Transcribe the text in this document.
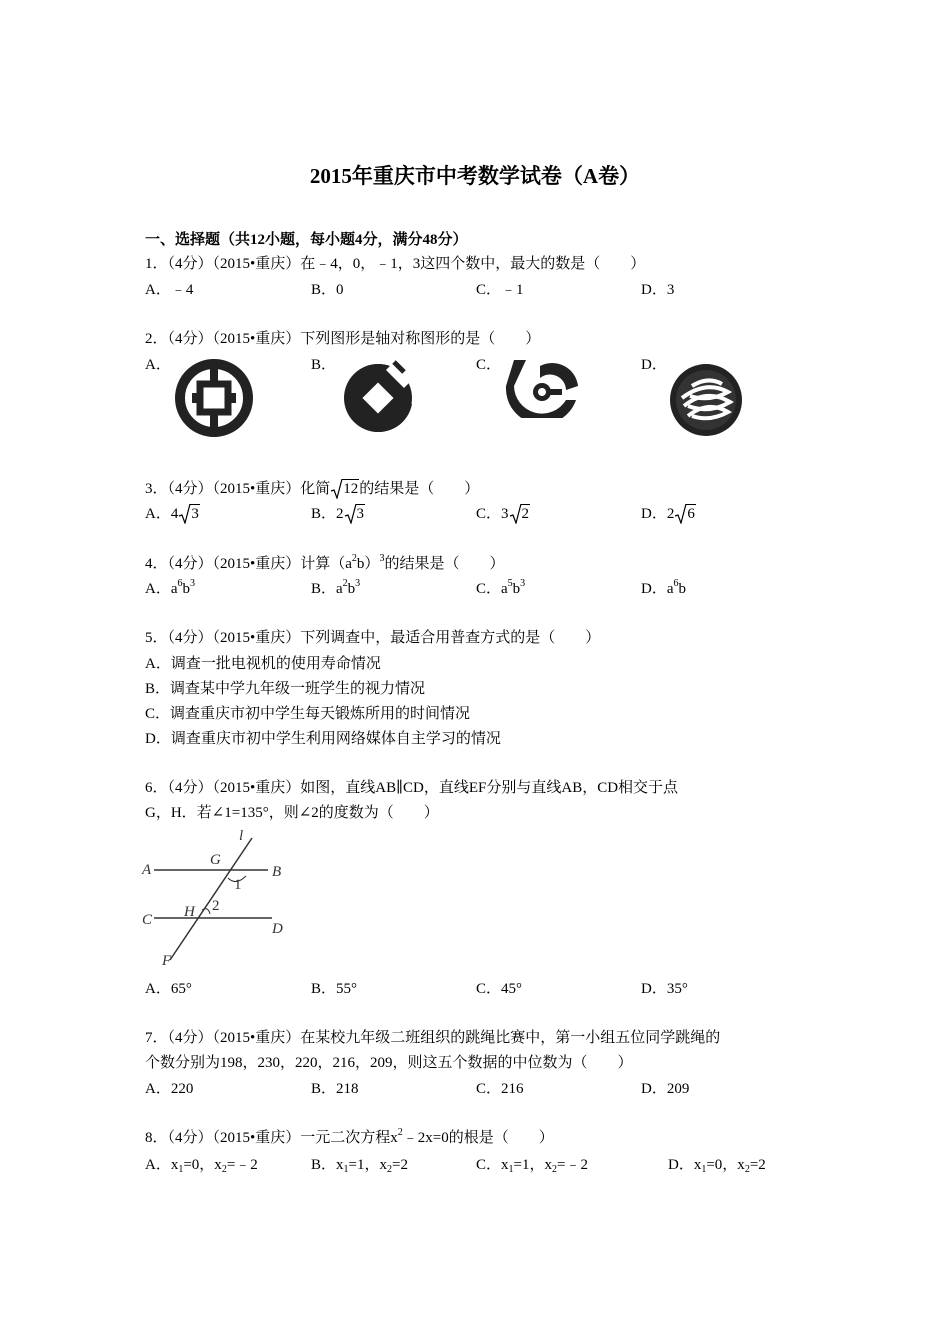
2015年重庆市中考数学试卷（A卷）
一、选择题（共12小题，每小题4分，满分48分）
1．（4分）（2015•重庆）在﹣4，0，﹣1，3这四个数中，最大的数是（　　）
A．﹣4	B．0	C．﹣1	D．3
2．（4分）（2015•重庆）下列图形是轴对称图形的是（　　）
A．	B．	C．	D．
3．（4分）（2015•重庆）化简 12的结果是（　　）
A．4 3	B．2 3	C．3 2	D．2 6
4．（4分）（2015•重庆）计算$(a^2b)^3$的结果是（　　）
A．$a^6b^3$	B．$a^2b^3$	C．$a^5b^3$	D．$a^6b$
5．（4分）（2015•重庆）下列调查中，最适合用普查方式的是（　　）
A．调查一批电视机的使用寿命情况
B．调查某中学九年级一班学生的视力情况
C．调查重庆市初中学生每天锻炼所用的时间情况
D．调查重庆市初中学生利用网络媒体自主学习的情况
6．（4分）（2015•重庆）如图，直线AB∥CD，直线EF分别与直线AB，CD相交于点
G，H．若∠1=135°，则∠2的度数为（　　）
l
A	B
G
1
C
D
H 2
F
A．65°	B．55°	C．45°	D．35°
7．（4分）（2015•重庆）在某校九年级二班组织的跳绳比赛中，第一小组五位同学跳绳的
个数分别为198，230，220，216，209，则这五个数据的中位数为（　　）
A．220	B．218	C．216	D．209
8．（4分）（2015•重庆）一元二次方程$x^2﹣2x=0$的根是（　　）
A．$x_1=0$，$x_2=﹣2$	B．$x_1=1$，$x_2=2$	C．$x_1=1$，$x_2=﹣2$	D．$x_1=0$，$x_2=2$
